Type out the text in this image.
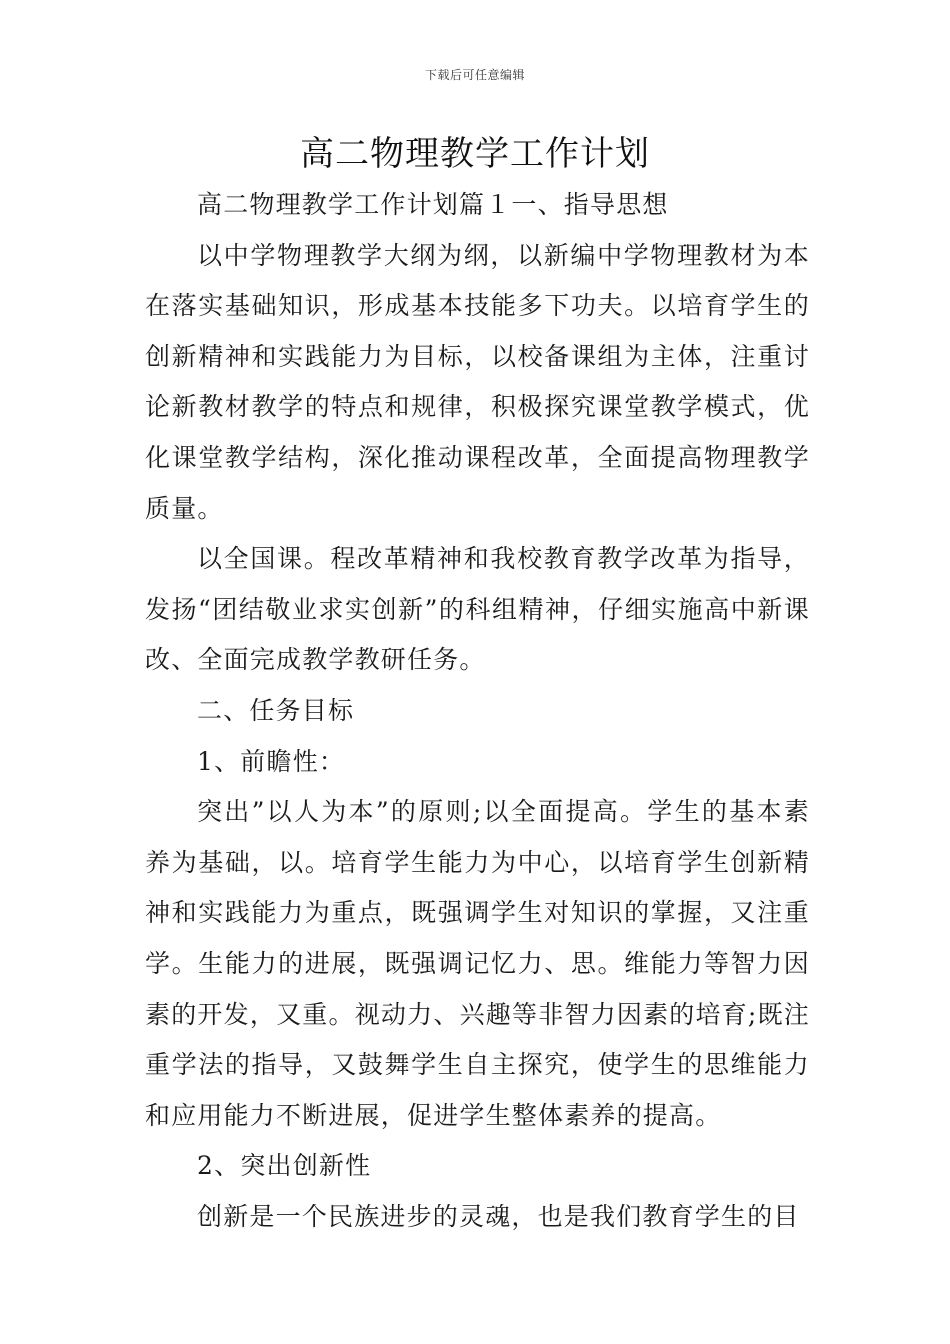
下载后可任意编辑
高二物理教学工作计划

高二物理教学工作计划篇１一、指导思想

以中学物理教学大纲为纲，以新编中学物理教材为本在落实基础知识，形成基本技能多下功夫。以培育学生的创新精神和实践能力为目标，以校备课组为主体，注重讨论新教材教学的特点和规律，积极探究课堂教学模式，优化课堂教学结构，深化推动课程改革，全面提高物理教学质量。

以全国课。程改革精神和我校教育教学改革为指导，发扬“团结敬业求实创新”的科组精神，仔细实施高中新课改、全面完成教学教研任务。

二、任务目标

1、前瞻性：

突出”以人为本”的原则;以全面提高。学生的基本素养为基础，以。培育学生能力为中心，以培育学生创新精神和实践能力为重点，既强调学生对知识的掌握，又注重学。生能力的进展，既强调记忆力、思。维能力等智力因素的开发，又重。视动力、兴趣等非智力因素的培育;既注重学法的指导，又鼓舞学生自主探究，使学生的思维能力和应用能力不断进展，促进学生整体素养的提高。

2、突出创新性

创新是一个民族进步的灵魂，也是我们教育学生的目
